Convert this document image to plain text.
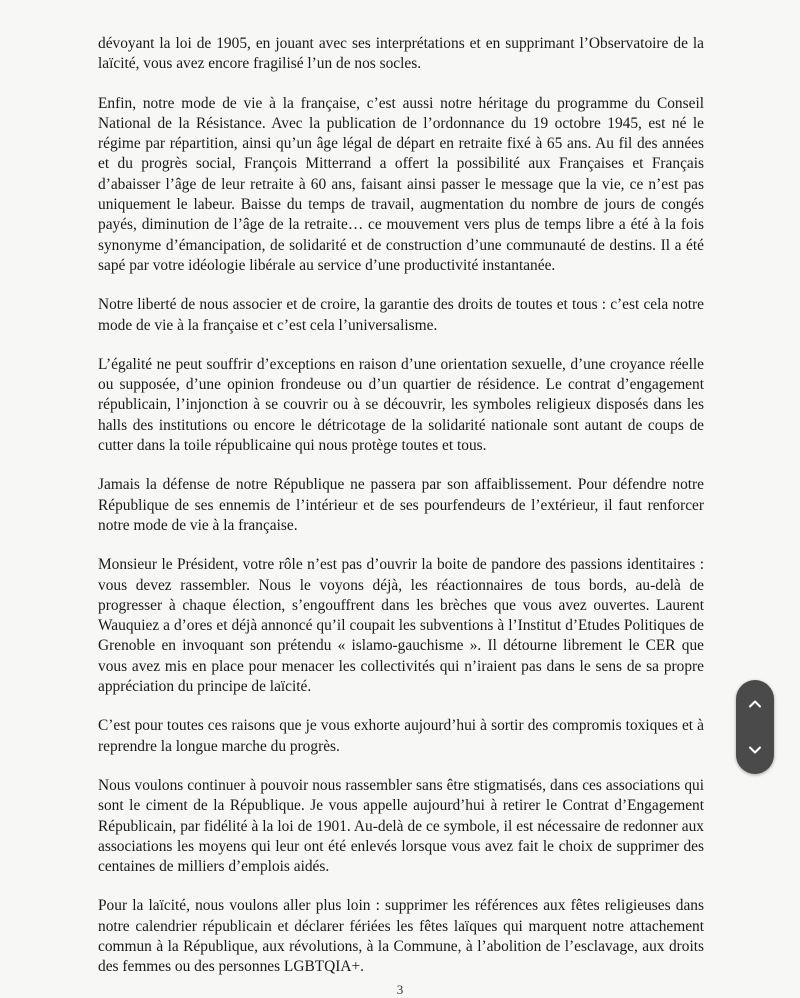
dévoyant la loi de 1905, en jouant avec ses interprétations et en supprimant l’Observatoire de la laïcité, vous avez encore fragilisé l’un de nos socles.

Enfin, notre mode de vie à la française, c’est aussi notre héritage du programme du Conseil National de la Résistance. Avec la publication de l’ordonnance du 19 octobre 1945, est né le régime par répartition, ainsi qu’un âge légal de départ en retraite fixé à 65 ans. Au fil des années et du progrès social, François Mitterrand a offert la possibilité aux Françaises et Français d’abaisser l’âge de leur retraite à 60 ans, faisant ainsi passer le message que la vie, ce n’est pas uniquement le labeur. Baisse du temps de travail, augmentation du nombre de jours de congés payés, diminution de l’âge de la retraite… ce mouvement vers plus de temps libre a été à la fois synonyme d’émancipation, de solidarité et de construction d’une communauté de destins. Il a été sapé par votre idéologie libérale au service d’une productivité instantanée.

Notre liberté de nous associer et de croire, la garantie des droits de toutes et tous : c’est cela notre mode de vie à la française et c’est cela l’universalisme.

L’égalité ne peut souffrir d’exceptions en raison d’une orientation sexuelle, d’une croyance réelle ou supposée, d’une opinion frondeuse ou d’un quartier de résidence. Le contrat d’engagement républicain, l’injonction à se couvrir ou à se découvrir, les symboles religieux disposés dans les halls des institutions ou encore le détricotage de la solidarité nationale sont autant de coups de cutter dans la toile républicaine qui nous protège toutes et tous.

Jamais la défense de notre République ne passera par son affaiblissement. Pour défendre notre République de ses ennemis de l’intérieur et de ses pourfendeurs de l’extérieur, il faut renforcer notre mode de vie à la française.

Monsieur le Président, votre rôle n’est pas d’ouvrir la boite de pandore des passions identitaires : vous devez rassembler. Nous le voyons déjà, les réactionnaires de tous bords, au-delà de progresser à chaque élection, s’engouffrent dans les brèches que vous avez ouvertes. Laurent Wauquiez a d’ores et déjà annoncé qu’il coupait les subventions à l’Institut d’Etudes Politiques de Grenoble en invoquant son prétendu « islamo-gauchisme ». Il détourne librement le CER que vous avez mis en place pour menacer les collectivités qui n’iraient pas dans le sens de sa propre appréciation du principe de laïcité.

C’est pour toutes ces raisons que je vous exhorte aujourd’hui à sortir des compromis toxiques et à reprendre la longue marche du progrès.

Nous voulons continuer à pouvoir nous rassembler sans être stigmatisés, dans ces associations qui sont le ciment de la République. Je vous appelle aujourd’hui à retirer le Contrat d’Engagement Républicain, par fidélité à la loi de 1901. Au-delà de ce symbole, il est nécessaire de redonner aux associations les moyens qui leur ont été enlevés lorsque vous avez fait le choix de supprimer des centaines de milliers d’emplois aidés.

Pour la laïcité, nous voulons aller plus loin : supprimer les références aux fêtes religieuses dans notre calendrier républicain et déclarer fériées les fêtes laïques qui marquent notre attachement commun à la République, aux révolutions, à la Commune, à l’abolition de l’esclavage, aux droits des femmes ou des personnes LGBTQIA+.

3
